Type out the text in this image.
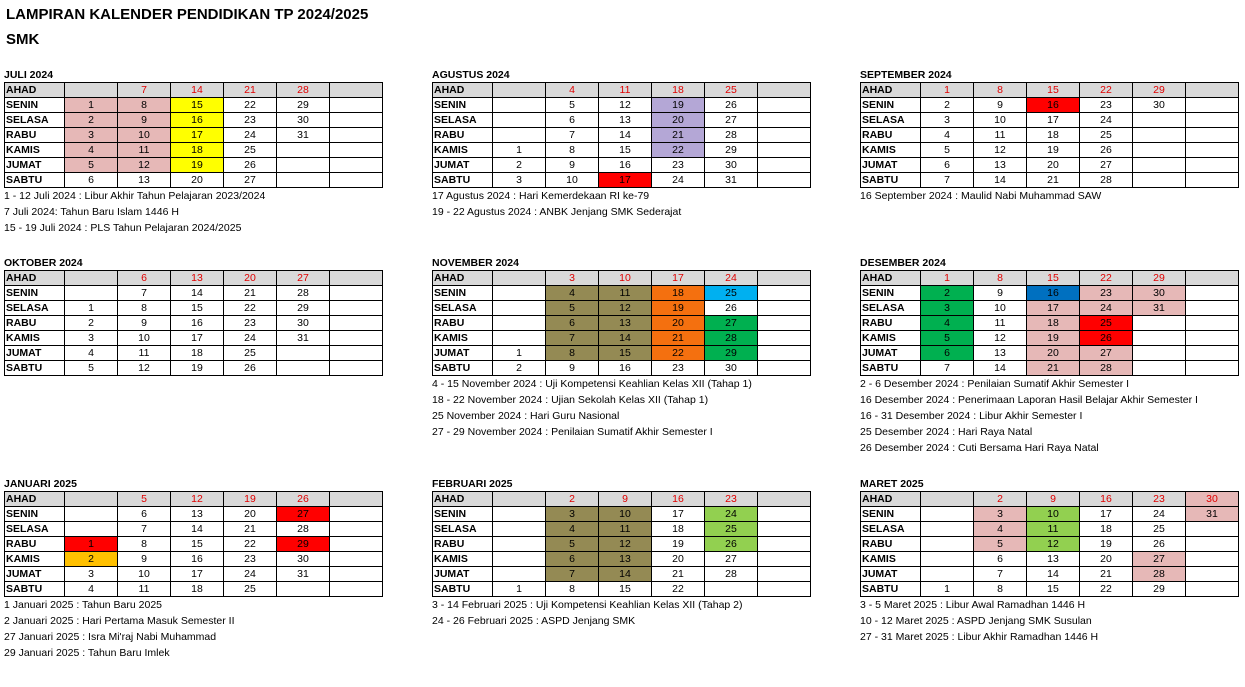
LAMPIRAN KALENDER PENDIDIKAN TP 2024/2025
SMK
JULI 2024
AHAD		7	14	21	28	
SENIN	1	8	15	22	29	
SELASA	2	9	16	23	30	
RABU	3	10	17	24	31	
KAMIS	4	11	18	25		
JUMAT	5	12	19	26		
SABTU	6	13	20	27		
1 - 12 Juli 2024 : Libur Akhir Tahun Pelajaran 2023/2024
7 Juli 2024: Tahun Baru Islam 1446 H
15 - 19 Juli 2024 : PLS Tahun Pelajaran 2024/2025
AGUSTUS 2024
AHAD		4	11	18	25	
SENIN		5	12	19	26	
SELASA		6	13	20	27	
RABU		7	14	21	28	
KAMIS	1	8	15	22	29	
JUMAT	2	9	16	23	30	
SABTU	3	10	17	24	31	
17 Agustus 2024 : Hari Kemerdekaan RI ke-79
19 - 22 Agustus 2024 : ANBK Jenjang SMK Sederajat
SEPTEMBER 2024
AHAD	1	8	15	22	29	
SENIN	2	9	16	23	30	
SELASA	3	10	17	24		
RABU	4	11	18	25		
KAMIS	5	12	19	26		
JUMAT	6	13	20	27		
SABTU	7	14	21	28		
16 September 2024 : Maulid Nabi Muhammad SAW
OKTOBER 2024
AHAD		6	13	20	27	
SENIN		7	14	21	28	
SELASA	1	8	15	22	29	
RABU	2	9	16	23	30	
KAMIS	3	10	17	24	31	
JUMAT	4	11	18	25		
SABTU	5	12	19	26		
NOVEMBER 2024
AHAD		3	10	17	24	
SENIN		4	11	18	25	
SELASA		5	12	19	26	
RABU		6	13	20	27	
KAMIS		7	14	21	28	
JUMAT	1	8	15	22	29	
SABTU	2	9	16	23	30	
4 - 15 November 2024 : Uji Kompetensi Keahlian Kelas XII (Tahap 1)
18 - 22 November 2024 : Ujian Sekolah Kelas XII (Tahap 1)
25 November 2024 : Hari Guru Nasional
27 - 29 November 2024 : Penilaian Sumatif Akhir Semester I
DESEMBER 2024
AHAD	1	8	15	22	29	
SENIN	2	9	16	23	30	
SELASA	3	10	17	24	31	
RABU	4	11	18	25		
KAMIS	5	12	19	26		
JUMAT	6	13	20	27		
SABTU	7	14	21	28		
2 - 6 Desember 2024 : Penilaian Sumatif Akhir Semester I
16 Desember 2024 : Penerimaan Laporan Hasil Belajar Akhir Semester I
16 - 31 Desember 2024 : Libur Akhir Semester I
25 Desember 2024 : Hari Raya Natal
26 Desember 2024 : Cuti Bersama Hari Raya Natal
JANUARI 2025
AHAD		5	12	19	26	
SENIN		6	13	20	27	
SELASA		7	14	21	28	
RABU	1	8	15	22	29	
KAMIS	2	9	16	23	30	
JUMAT	3	10	17	24	31	
SABTU	4	11	18	25		
1 Januari 2025 : Tahun Baru 2025
2 Januari 2025 : Hari Pertama Masuk Semester II
27 Januari 2025 : Isra Mi'raj Nabi Muhammad
29 Januari 2025 : Tahun Baru Imlek
FEBRUARI 2025
AHAD		2	9	16	23	
SENIN		3	10	17	24	
SELASA		4	11	18	25	
RABU		5	12	19	26	
KAMIS		6	13	20	27	
JUMAT		7	14	21	28	
SABTU	1	8	15	22		
3 - 14 Februari 2025 : Uji Kompetensi Keahlian Kelas XII (Tahap 2)
24 - 26 Februari 2025 : ASPD Jenjang SMK
MARET 2025
AHAD		2	9	16	23	30
SENIN		3	10	17	24	31
SELASA		4	11	18	25	
RABU		5	12	19	26	
KAMIS		6	13	20	27	
JUMAT		7	14	21	28	
SABTU	1	8	15	22	29	
3 - 5 Maret 2025 : Libur Awal Ramadhan 1446 H
10 - 12 Maret 2025 : ASPD Jenjang SMK Susulan
27 - 31 Maret 2025 : Libur Akhir Ramadhan 1446 H
